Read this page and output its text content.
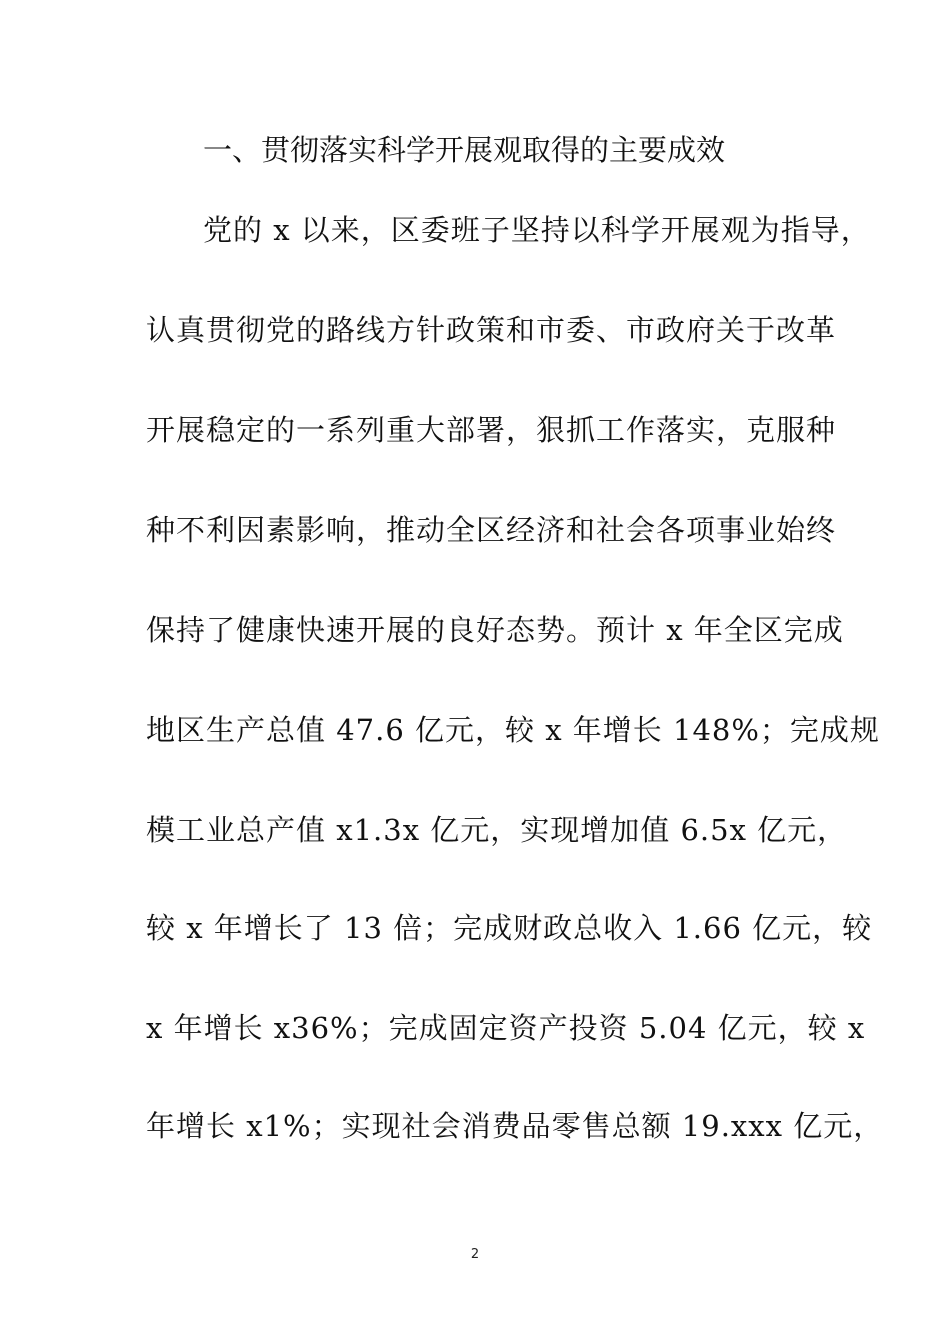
一、贯彻落实科学开展观取得的主要成效
党的 x 以来，区委班子坚持以科学开展观为指导，
认真贯彻党的路线方针政策和市委、市政府关于改革
开展稳定的一系列重大部署，狠抓工作落实，克服种
种不利因素影响，推动全区经济和社会各项事业始终
保持了健康快速开展的良好态势。预计 x 年全区完成
地区生产总值 47.6 亿元，较 x 年增长 148%；完成规
模工业总产值 x1.3x 亿元，实现增加值 6.5x 亿元，
较 x 年增长了 13 倍；完成财政总收入 1.66 亿元，较
x 年增长 x36%；完成固定资产投资 5.04 亿元，较 x
年增长 x1%；实现社会消费品零售总额 19.xxx 亿元，
2
